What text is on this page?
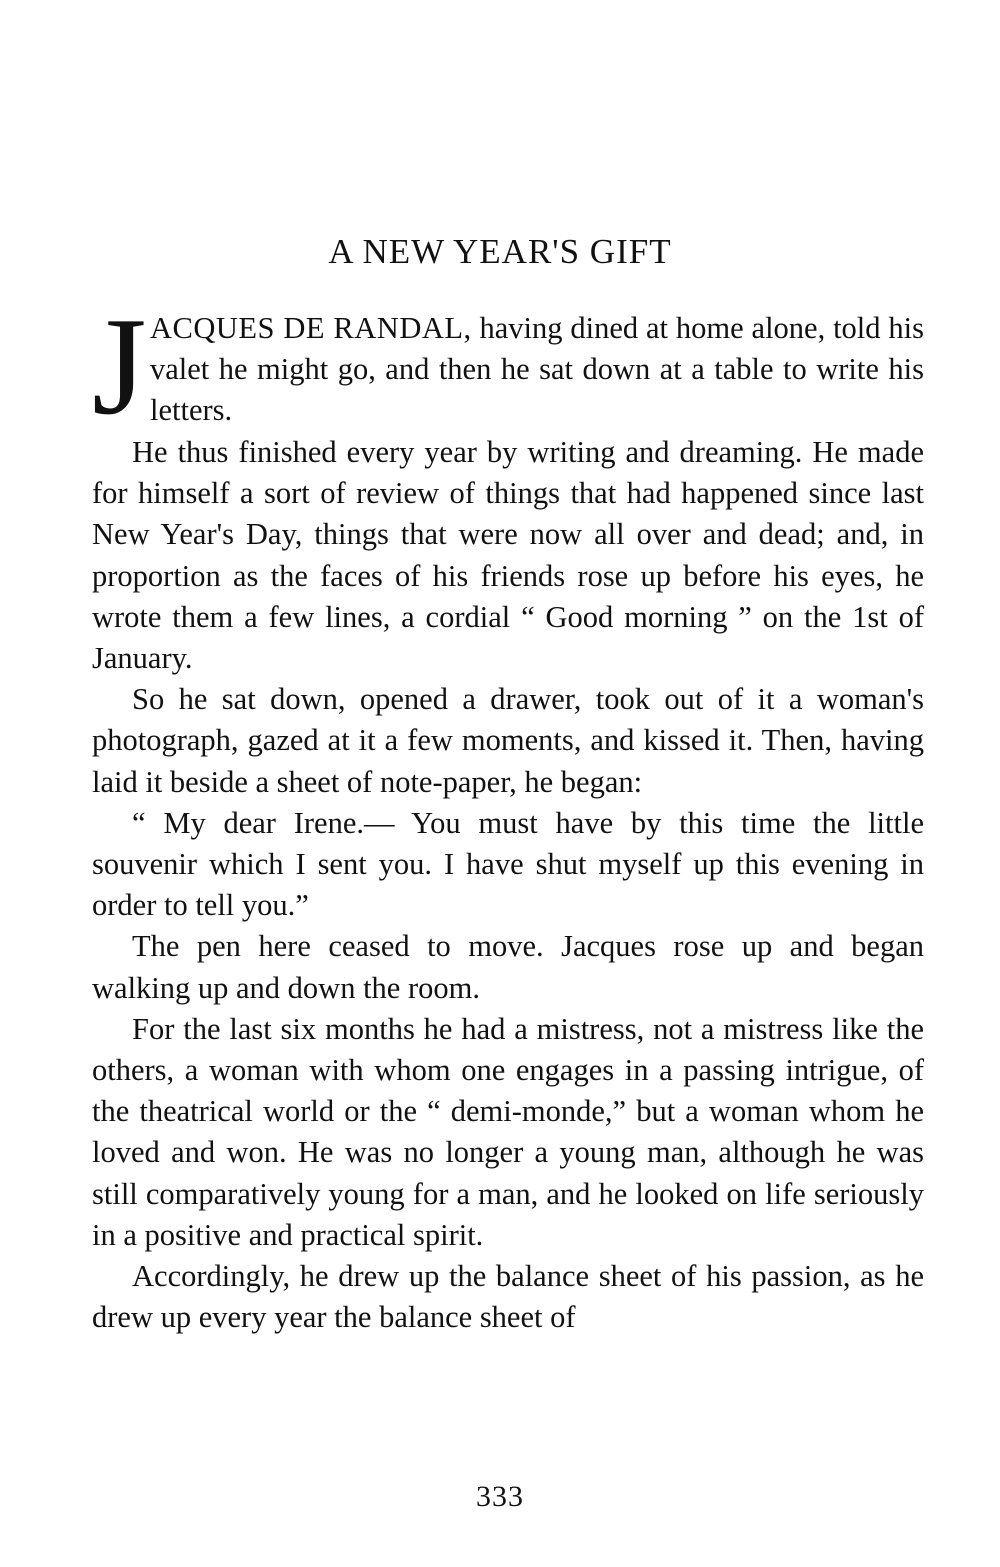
A NEW YEAR'S GIFT

J ACQUES DE RANDAL, having dined at home alone, told his valet he might go, and then he sat down at a table to write his letters.

He thus finished every year by writing and dreaming. He made for himself a sort of review of things that had happened since last New Year's Day, things that were now all over and dead; and, in proportion as the faces of his friends rose up before his eyes, he wrote them a few lines, a cordial “ Good morning ” on the 1st of January.

So he sat down, opened a drawer, took out of it a woman's photograph, gazed at it a few moments, and kissed it. Then, having laid it beside a sheet of note-paper, he began:

“ My dear Irene.— You must have by this time the little souvenir which I sent you. I have shut myself up this evening in order to tell you.”

The pen here ceased to move. Jacques rose up and began walking up and down the room.

For the last six months he had a mistress, not a mistress like the others, a woman with whom one engages in a passing intrigue, of the theatrical world or the “ demi-monde,” but a woman whom he loved and won. He was no longer a young man, although he was still comparatively young for a man, and he looked on life seriously in a positive and practical spirit.

Accordingly, he drew up the balance sheet of his passion, as he drew up every year the balance sheet of

333
